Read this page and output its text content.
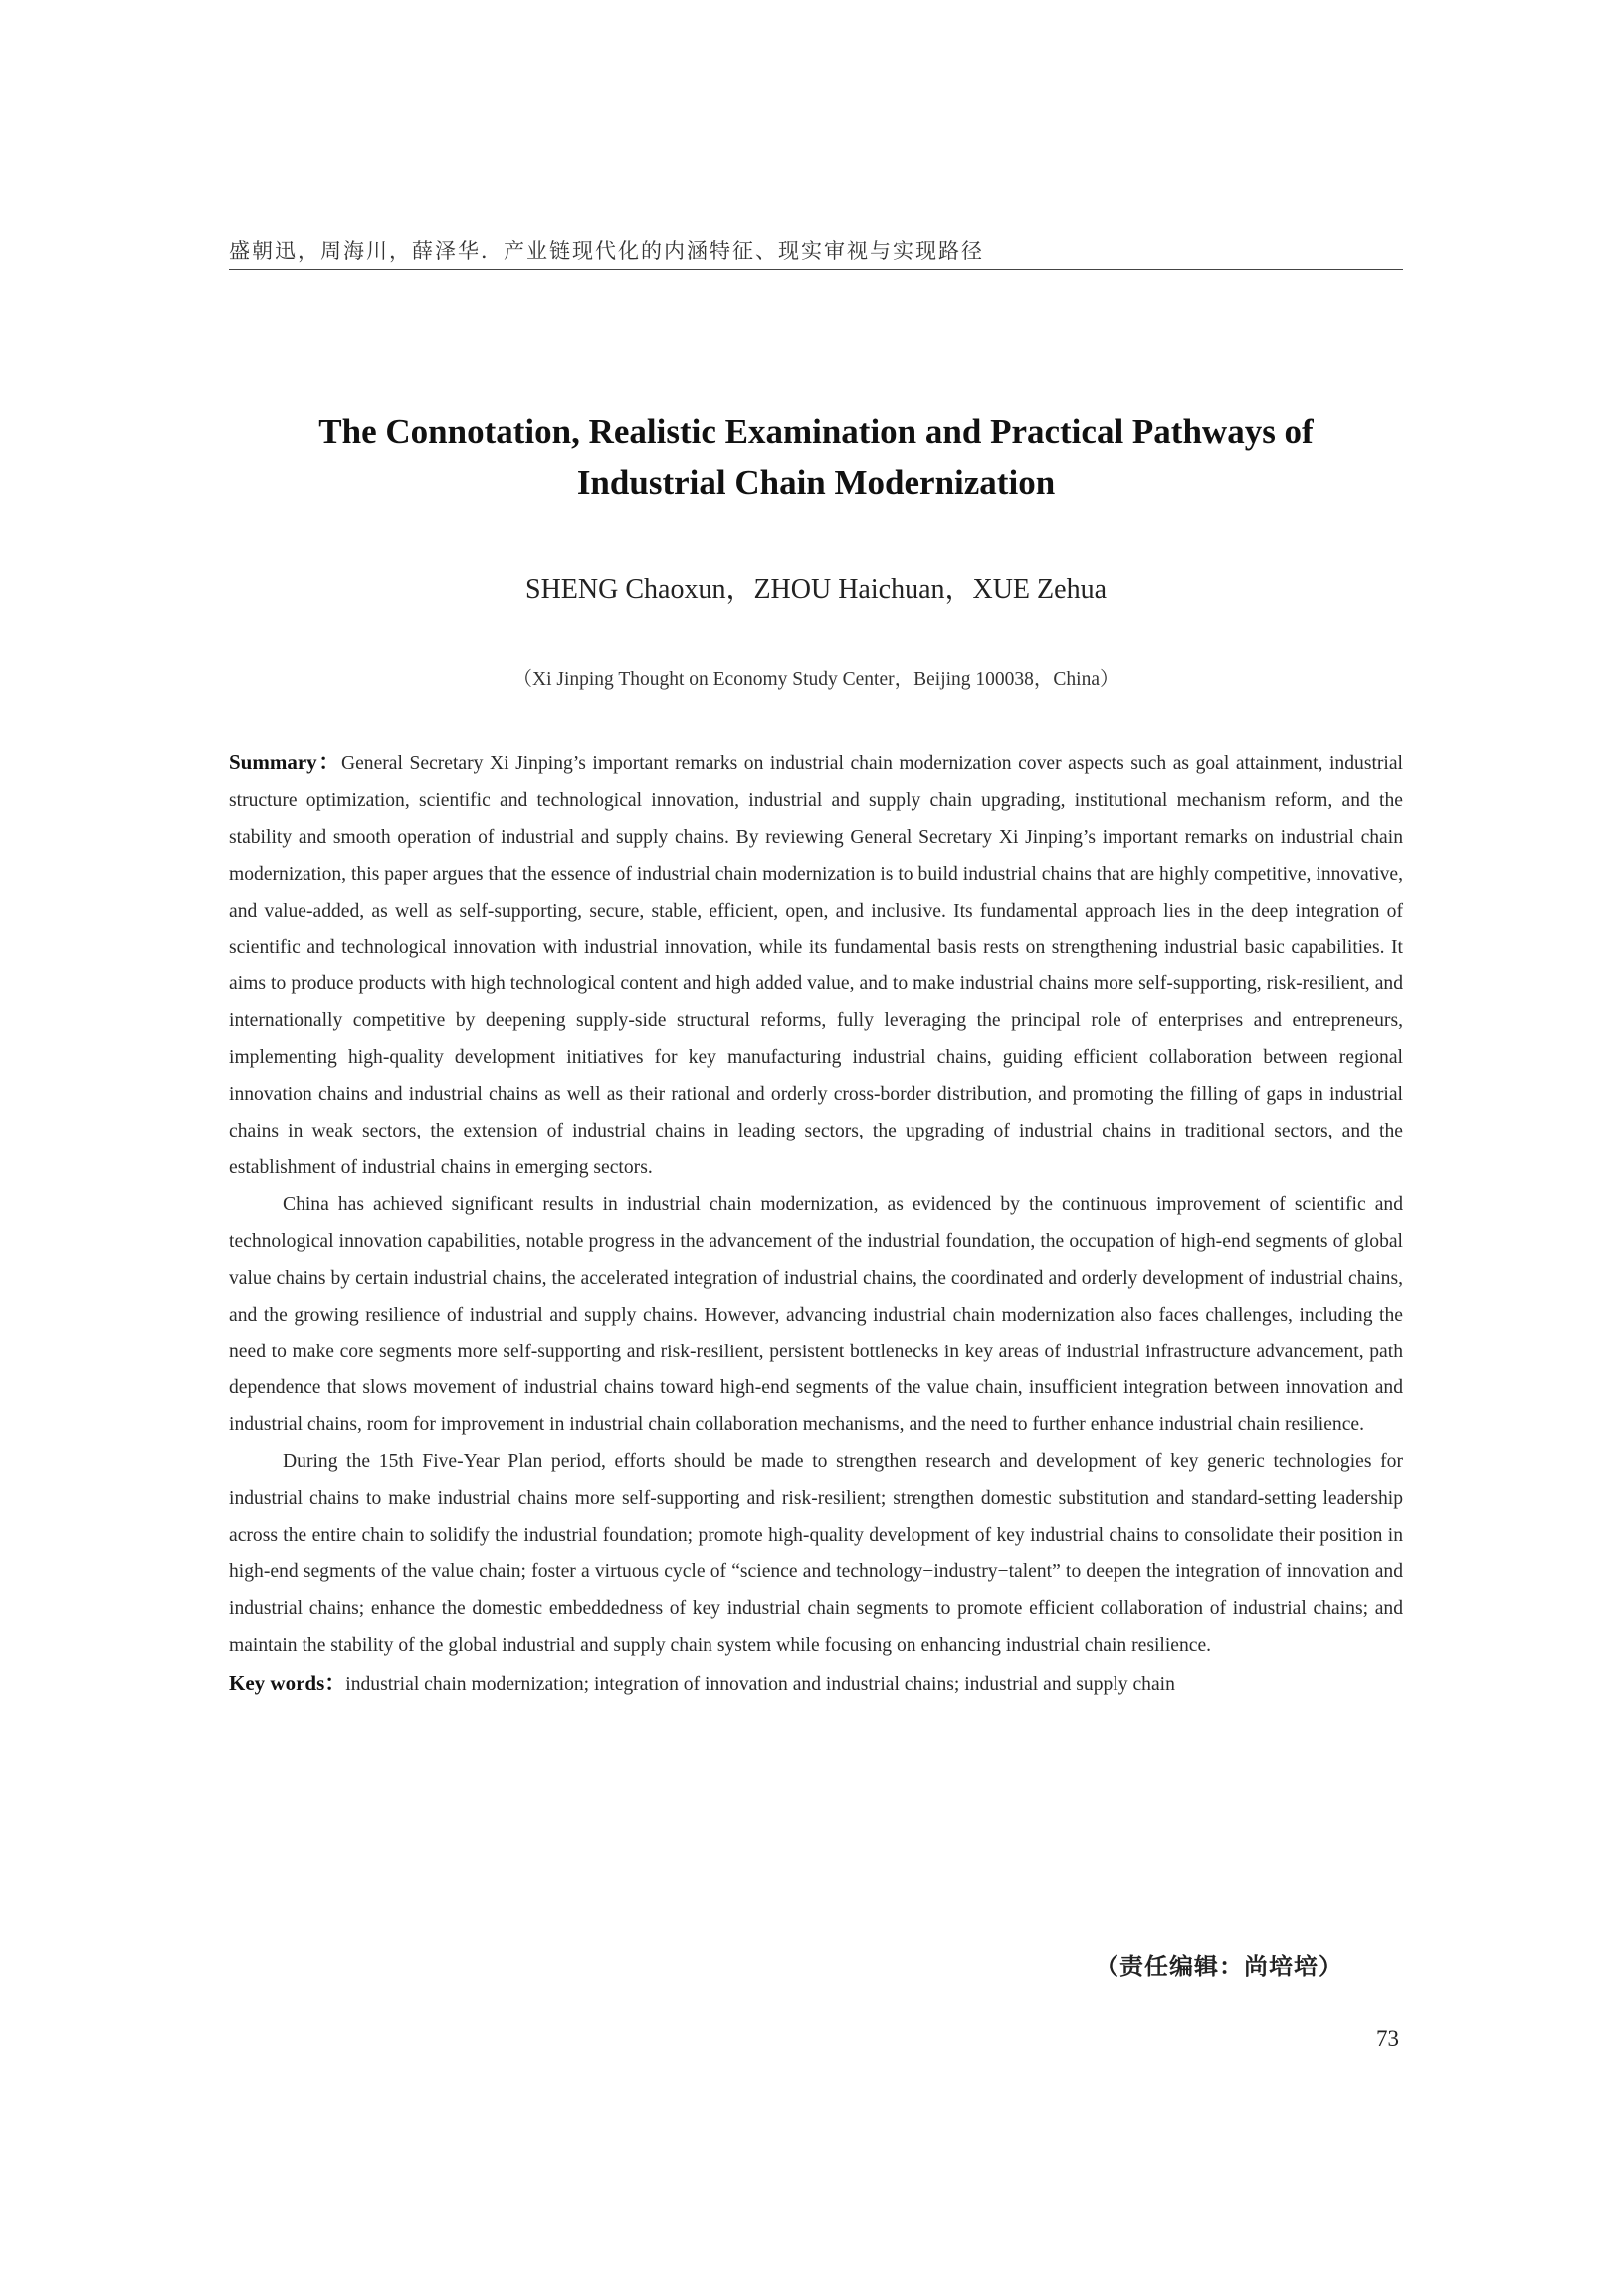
盛朝迅，周海川，薛泽华．产业链现代化的内涵特征、现实审视与实现路径
The Connotation, Realistic Examination and Practical Pathways of
Industrial Chain Modernization
SHENG Chaoxun，ZHOU Haichuan，XUE Zehua
（Xi Jinping Thought on Economy Study Center，Beijing 100038，China）

Summary：General Secretary Xi Jinping’s important remarks on industrial chain modernization cover aspects such as goal attainment, industrial structure optimization, scientific and technological innovation, industrial and supply chain upgrading, institutional mechanism reform, and the stability and smooth operation of industrial and supply chains. By reviewing General Secretary Xi Jinping’s important remarks on industrial chain modernization, this paper argues that the essence of industrial chain modernization is to build industrial chains that are highly competitive, innovative, and value-added, as well as self-supporting, secure, stable, efficient, open, and inclusive. Its fundamental approach lies in the deep integration of scientific and technological innovation with industrial innovation, while its fundamental basis rests on strengthening industrial basic capabilities. It aims to produce products with high technological content and high added value, and to make industrial chains more self-supporting, risk-resilient, and internationally competitive by deepening supply-side structural reforms, fully leveraging the principal role of enterprises and entrepreneurs, implementing high-quality development initiatives for key manufacturing industrial chains, guiding efficient collaboration between regional innovation chains and industrial chains as well as their rational and orderly cross-border distribution, and promoting the filling of gaps in industrial chains in weak sectors, the extension of industrial chains in leading sectors, the upgrading of industrial chains in traditional sectors, and the establishment of industrial chains in emerging sectors.

China has achieved significant results in industrial chain modernization, as evidenced by the continuous improvement of scientific and technological innovation capabilities, notable progress in the advancement of the industrial foundation, the occupation of high-end segments of global value chains by certain industrial chains, the accelerated integration of industrial chains, the coordinated and orderly development of industrial chains, and the growing resilience of industrial and supply chains. However, advancing industrial chain modernization also faces challenges, including the need to make core segments more self-supporting and risk-resilient, persistent bottlenecks in key areas of industrial infrastructure advancement, path dependence that slows movement of industrial chains toward high-end segments of the value chain, insufficient integration between innovation and industrial chains, room for improvement in industrial chain collaboration mechanisms, and the need to further enhance industrial chain resilience.

During the 15th Five-Year Plan period, efforts should be made to strengthen research and development of key generic technologies for industrial chains to make industrial chains more self-supporting and risk-resilient; strengthen domestic substitution and standard-setting leadership across the entire chain to solidify the industrial foundation; promote high-quality development of key industrial chains to consolidate their position in high-end segments of the value chain; foster a virtuous cycle of “science and technology−industry−talent” to deepen the integration of innovation and industrial chains; enhance the domestic embeddedness of key industrial chain segments to promote efficient collaboration of industrial chains; and maintain the stability of the global industrial and supply chain system while focusing on enhancing industrial chain resilience.

Key words：industrial chain modernization; integration of innovation and industrial chains; industrial and supply chain

（责任编辑：尚培培）
73
